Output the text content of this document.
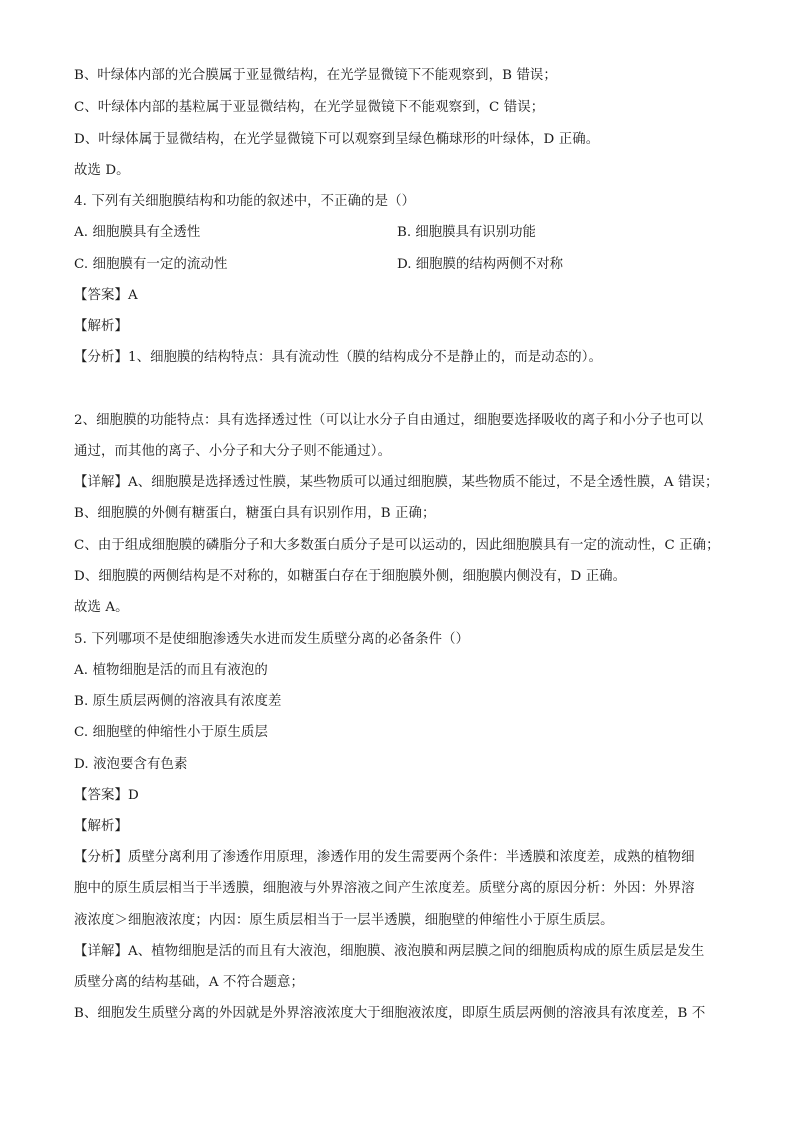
B、叶绿体内部的光合膜属于亚显微结构，在光学显微镜下不能观察到，B 错误；
C、叶绿体内部的基粒属于亚显微结构，在光学显微镜下不能观察到，C 错误；
D、叶绿体属于显微结构，在光学显微镜下可以观察到呈绿色椭球形的叶绿体，D 正确。
故选 D。
4. 下列有关细胞膜结构和功能的叙述中，不正确的是（）
A. 细胞膜具有全透性	B. 细胞膜具有识别功能
C. 细胞膜有一定的流动性	D. 细胞膜的结构两侧不对称
【答案】A
【解析】
【分析】1、细胞膜的结构特点：具有流动性（膜的结构成分不是静止的，而是动态的）。
2、细胞膜的功能特点：具有选择透过性（可以让水分子自由通过，细胞要选择吸收的离子和小分子也可以
通过，而其他的离子、小分子和大分子则不能通过）。
【详解】A、细胞膜是选择透过性膜，某些物质可以通过细胞膜，某些物质不能过，不是全透性膜，A 错误；
B、细胞膜的外侧有糖蛋白，糖蛋白具有识别作用，B 正确；
C、由于组成细胞膜的磷脂分子和大多数蛋白质分子是可以运动的，因此细胞膜具有一定的流动性，C 正确；
D、细胞膜的两侧结构是不对称的，如糖蛋白存在于细胞膜外侧，细胞膜内侧没有，D 正确。
故选 A。
5. 下列哪项不是使细胞渗透失水进而发生质壁分离的必备条件（）
A. 植物细胞是活的而且有液泡的
B. 原生质层两侧的溶液具有浓度差
C. 细胞壁的伸缩性小于原生质层
D. 液泡要含有色素
【答案】D
【解析】
【分析】质壁分离利用了渗透作用原理，渗透作用的发生需要两个条件：半透膜和浓度差，成熟的植物细
胞中的原生质层相当于半透膜，细胞液与外界溶液之间产生浓度差。质壁分离的原因分析：外因：外界溶
液浓度＞细胞液浓度；内因：原生质层相当于一层半透膜，细胞壁的伸缩性小于原生质层。
【详解】A、植物细胞是活的而且有大液泡，细胞膜、液泡膜和两层膜之间的细胞质构成的原生质层是发生
质壁分离的结构基础，A 不符合题意；
B、细胞发生质壁分离的外因就是外界溶液浓度大于细胞液浓度，即原生质层两侧的溶液具有浓度差，B 不
